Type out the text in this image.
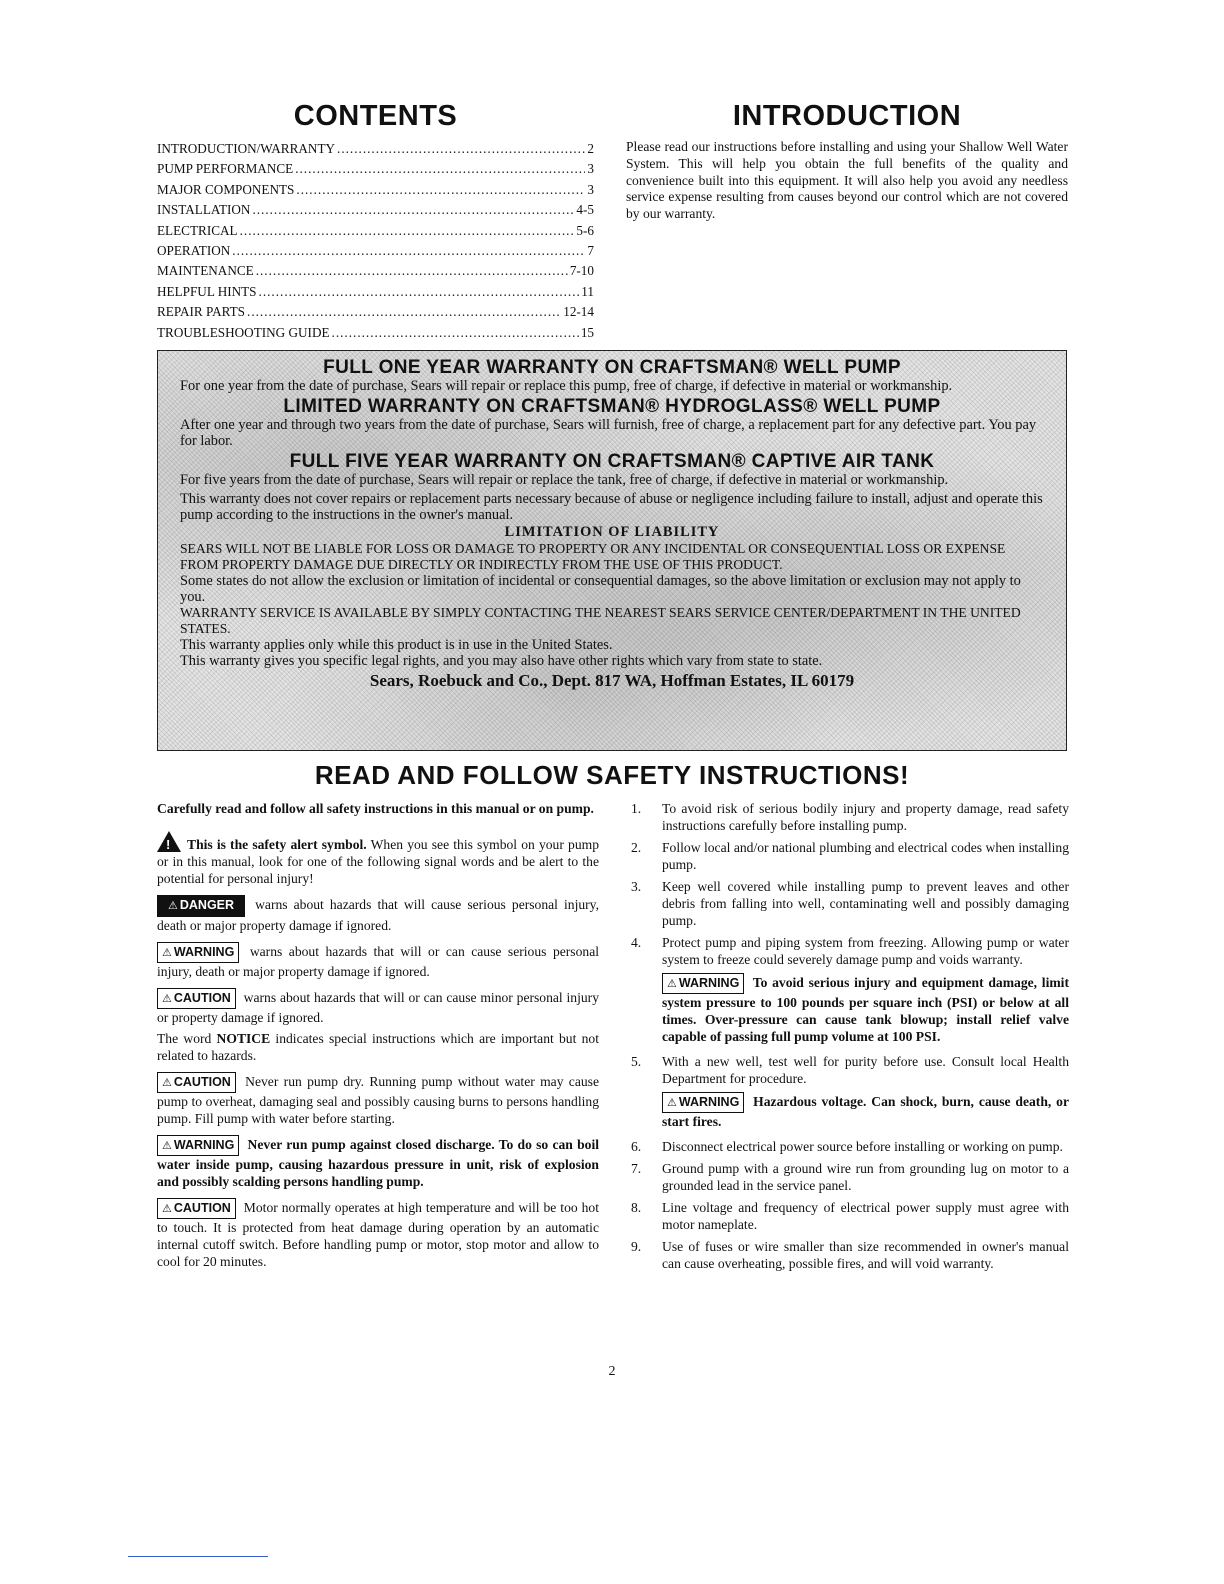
CONTENTS
INTRODUCTION/WARRANTY .....	2
PUMP PERFORMANCE .....	3
MAJOR COMPONENTS .....	3
INSTALLATION .....	4-5
ELECTRICAL .....	5-6
OPERATION .....	7
MAINTENANCE .....	7-10
HELPFUL HINTS .....	11
REPAIR PARTS .....	12-14
TROUBLESHOOTING GUIDE .....	15
INTRODUCTION

Please read our instructions before installing and using your Shallow Well Water System. This will help you obtain the full benefits of the quality and convenience built into this equipment. It will also help you avoid any needless service expense resulting from causes beyond our control which are not covered by our warranty.

FULL ONE YEAR WARRANTY ON CRAFTSMAN® WELL PUMP
For one year from the date of purchase, Sears will repair or replace this pump, free of charge, if defective in material or workmanship.
LIMITED WARRANTY ON CRAFTSMAN® HYDROGLASS® WELL PUMP
After one year and through two years from the date of purchase, Sears will furnish, free of charge, a replacement part for any defective part. You pay for labor.
FULL FIVE YEAR WARRANTY ON CRAFTSMAN® CAPTIVE AIR TANK
For five years from the date of purchase, Sears will repair or replace the tank, free of charge, if defective in material or workmanship.
This warranty does not cover repairs or replacement parts necessary because of abuse or negligence including failure to install, adjust and operate this pump according to the instructions in the owner's manual.
LIMITATION OF LIABILITY
SEARS WILL NOT BE LIABLE FOR LOSS OR DAMAGE TO PROPERTY OR ANY INCIDENTAL OR CONSEQUENTIAL LOSS OR EXPENSE FROM PROPERTY DAMAGE DUE DIRECTLY OR INDIRECTLY FROM THE USE OF THIS PRODUCT.
Some states do not allow the exclusion or limitation of incidental or consequential damages, so the above limitation or exclusion may not apply to you.
WARRANTY SERVICE IS AVAILABLE BY SIMPLY CONTACTING THE NEAREST SEARS SERVICE CENTER/DEPARTMENT IN THE UNITED STATES.
This warranty applies only while this product is in use in the United States.
This warranty gives you specific legal rights, and you may also have other rights which vary from state to state.
Sears, Roebuck and Co., Dept. 817 WA, Hoffman Estates, IL 60179
READ AND FOLLOW SAFETY INSTRUCTIONS!

Carefully read and follow all safety instructions in this manual or on pump.

! This is the safety alert symbol. When you see this symbol on your pump or in this manual, look for one of the following signal words and be alert to the potential for personal injury!

⚠ DANGER warns about hazards that will cause serious personal injury, death or major property damage if ignored.

⚠ WARNING warns about hazards that will or can cause serious personal injury, death or major property damage if ignored.

⚠ CAUTION warns about hazards that will or can cause minor personal injury or property damage if ignored.

The word NOTICE indicates special instructions which are important but not related to hazards.

⚠ CAUTION Never run pump dry. Running pump without water may cause pump to overheat, damaging seal and possibly causing burns to persons handling pump. Fill pump with water before starting.

⚠ WARNING Never run pump against closed discharge. To do so can boil water inside pump, causing hazardous pressure in unit, risk of explosion and possibly scalding persons handling pump.

⚠ CAUTION Motor normally operates at high temperature and will be too hot to touch. It is protected from heat damage during operation by an automatic internal cutoff switch. Before handling pump or motor, stop motor and allow to cool for 20 minutes.

1. To avoid risk of serious bodily injury and property damage, read safety instructions carefully before installing pump.
2. Follow local and/or national plumbing and electrical codes when installing pump.
3. Keep well covered while installing pump to prevent leaves and other debris from falling into well, contaminating well and possibly damaging pump.
4. Protect pump and piping system from freezing. Allowing pump or water system to freeze could severely damage pump and voids warranty.

⚠ WARNING To avoid serious injury and equipment damage, limit system pressure to 100 pounds per square inch (PSI) or below at all times. Over-pressure can cause tank blowup; install relief valve capable of passing full pump volume at 100 PSI.

5. With a new well, test well for purity before use. Consult local Health Department for procedure.

⚠ WARNING Hazardous voltage. Can shock, burn, cause death, or start fires.

6. Disconnect electrical power source before installing or working on pump.
7. Ground pump with a ground wire run from grounding lug on motor to a grounded lead in the service panel.
8. Line voltage and frequency of electrical power supply must agree with motor nameplate.
9. Use of fuses or wire smaller than size recommended in owner's manual can cause overheating, possible fires, and will void warranty.
2
